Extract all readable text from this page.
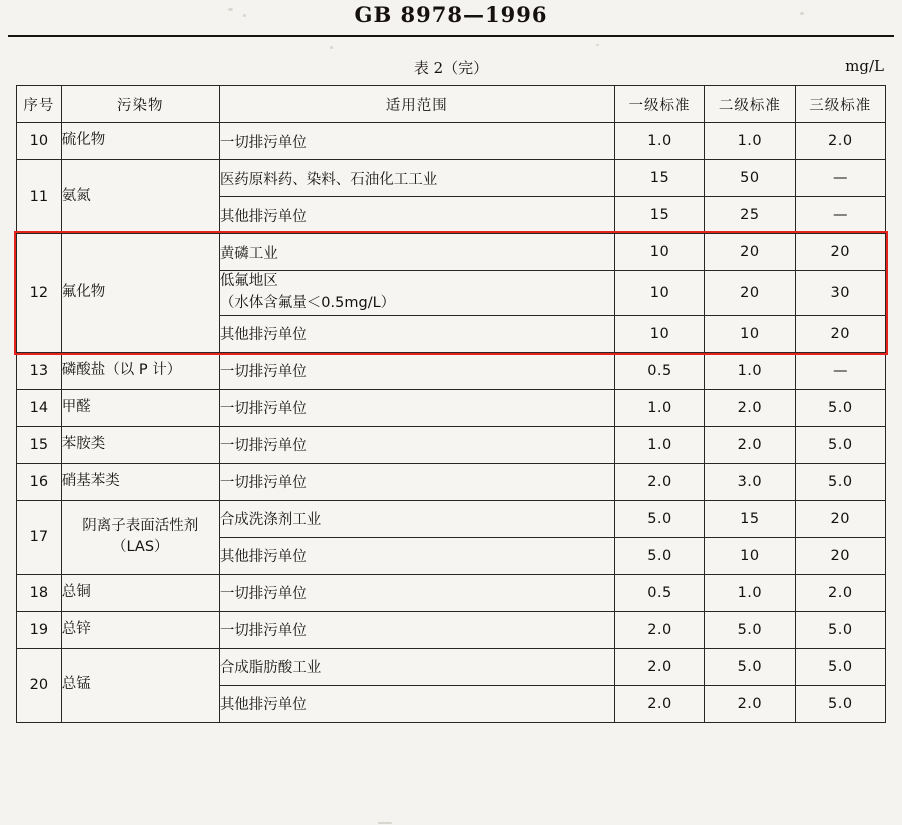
GB 8978—1996
表 2（完）	mg/L
序号	污染物	适用范围	一级标准	二级标准	三级标准
10	硫化物	一切排污单位	1.0	1.0	2.0
11	氨氮	医药原料药、染料、石油化工工业	15	50	—

		其他排污单位	15	25	—
12	氟化物	黄磷工业	10	20	20

		低氟地区
（水体含氟量＜0.5mg/L）	10	20	30

		其他排污单位	10	10	20
13	磷酸盐（以 P 计）	一切排污单位	0.5	1.0	—
14	甲醛	一切排污单位	1.0	2.0	5.0
15	苯胺类	一切排污单位	1.0	2.0	5.0
16	硝基苯类	一切排污单位	2.0	3.0	5.0
17	阴离子表面活性剂
（LAS）	合成洗涤剂工业	5.0	15	20

		其他排污单位	5.0	10	20
18	总铜	一切排污单位	0.5	1.0	2.0
19	总锌	一切排污单位	2.0	5.0	5.0
20	总锰	合成脂肪酸工业	2.0	5.0	5.0

		其他排污单位	2.0	2.0	5.0
